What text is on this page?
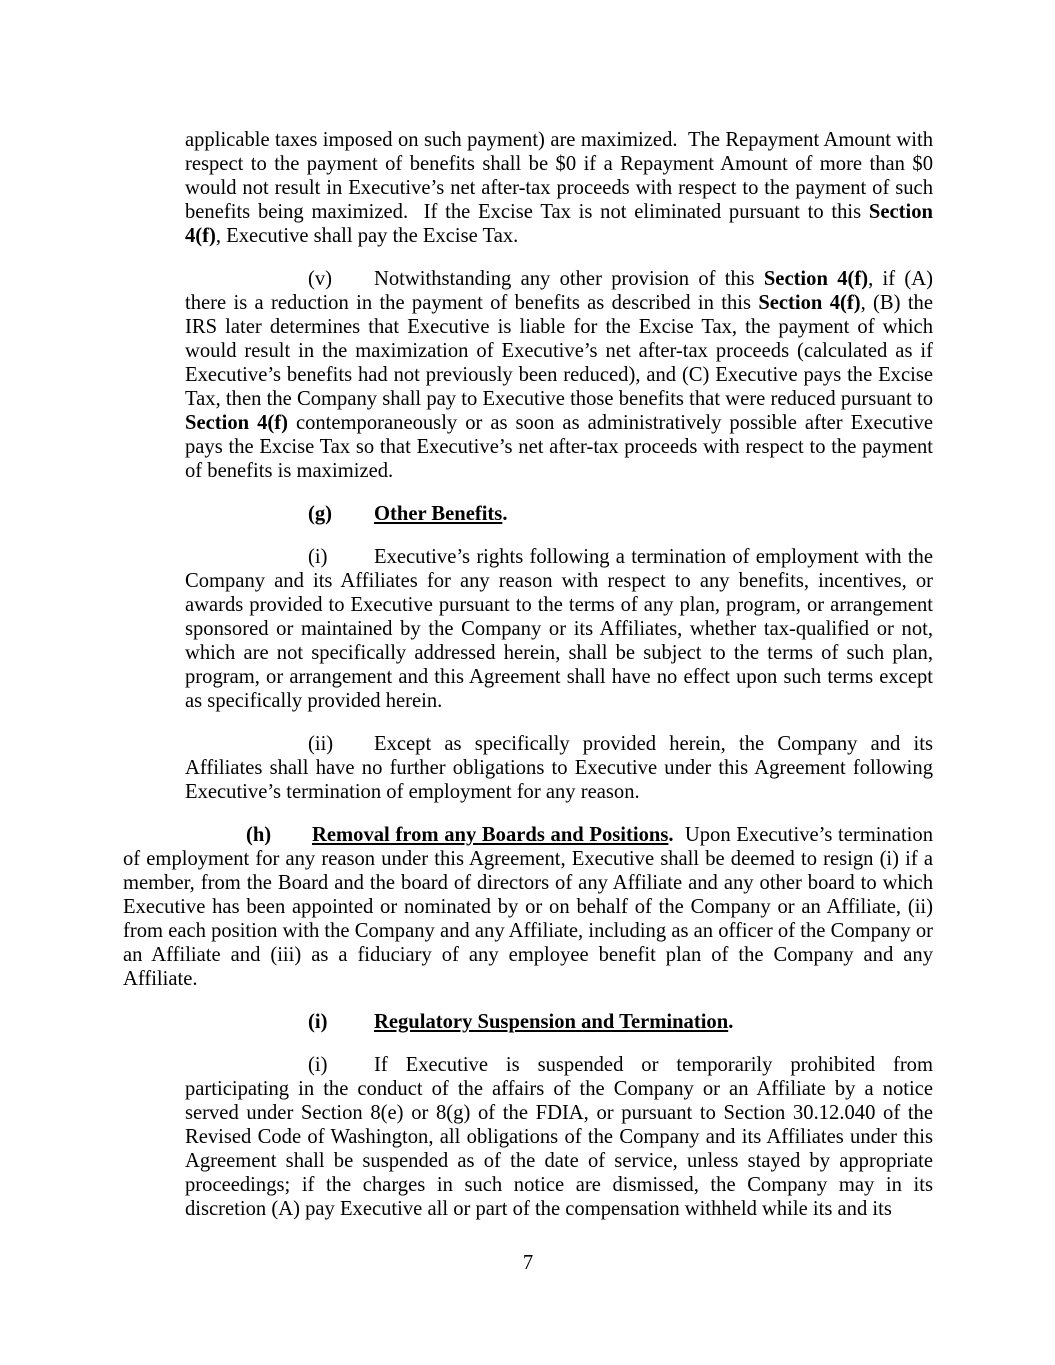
applicable taxes imposed on such payment) are maximized.  The Repayment Amount with respect to the payment of benefits shall be $0 if a Repayment Amount of more than $0 would not result in Executive’s net after-tax proceeds with respect to the payment of such benefits being maximized.  If the Excise Tax is not eliminated pursuant to this Section 4(f), Executive shall pay the Excise Tax.

(v) Notwithstanding any other provision of this Section 4(f), if (A) there is a reduction in the payment of benefits as described in this Section 4(f), (B) the IRS later determines that Executive is liable for the Excise Tax, the payment of which would result in the maximization of Executive’s net after-tax proceeds (calculated as if Executive’s benefits had not previously been reduced), and (C) Executive pays the Excise Tax, then the Company shall pay to Executive those benefits that were reduced pursuant to Section 4(f) contemporaneously or as soon as administratively possible after Executive pays the Excise Tax so that Executive’s net after-tax proceeds with respect to the payment of benefits is maximized.

(g) Other Benefits.

(i) Executive’s rights following a termination of employment with the Company and its Affiliates for any reason with respect to any benefits, incentives, or awards provided to Executive pursuant to the terms of any plan, program, or arrangement sponsored or maintained by the Company or its Affiliates, whether tax-qualified or not, which are not specifically addressed herein, shall be subject to the terms of such plan, program, or arrangement and this Agreement shall have no effect upon such terms except as specifically provided herein.

(ii) Except as specifically provided herein, the Company and its Affiliates shall have no further obligations to Executive under this Agreement following Executive’s termination of employment for any reason.

(h) Removal from any Boards and Positions.  Upon Executive’s termination of employment for any reason under this Agreement, Executive shall be deemed to resign (i) if a member, from the Board and the board of directors of any Affiliate and any other board to which Executive has been appointed or nominated by or on behalf of the Company or an Affiliate, (ii) from each position with the Company and any Affiliate, including as an officer of the Company or an Affiliate and (iii) as a fiduciary of any employee benefit plan of the Company and any Affiliate.

(i) Regulatory Suspension and Termination.

(i) If Executive is suspended or temporarily prohibited from participating in the conduct of the affairs of the Company or an Affiliate by a notice served under Section 8(e) or 8(g) of the FDIA, or pursuant to Section 30.12.040 of the Revised Code of Washington, all obligations of the Company and its Affiliates under this Agreement shall be suspended as of the date of service, unless stayed by appropriate proceedings; if the charges in such notice are dismissed, the Company may in its discretion (A) pay Executive all or part of the compensation withheld while its and its

7
